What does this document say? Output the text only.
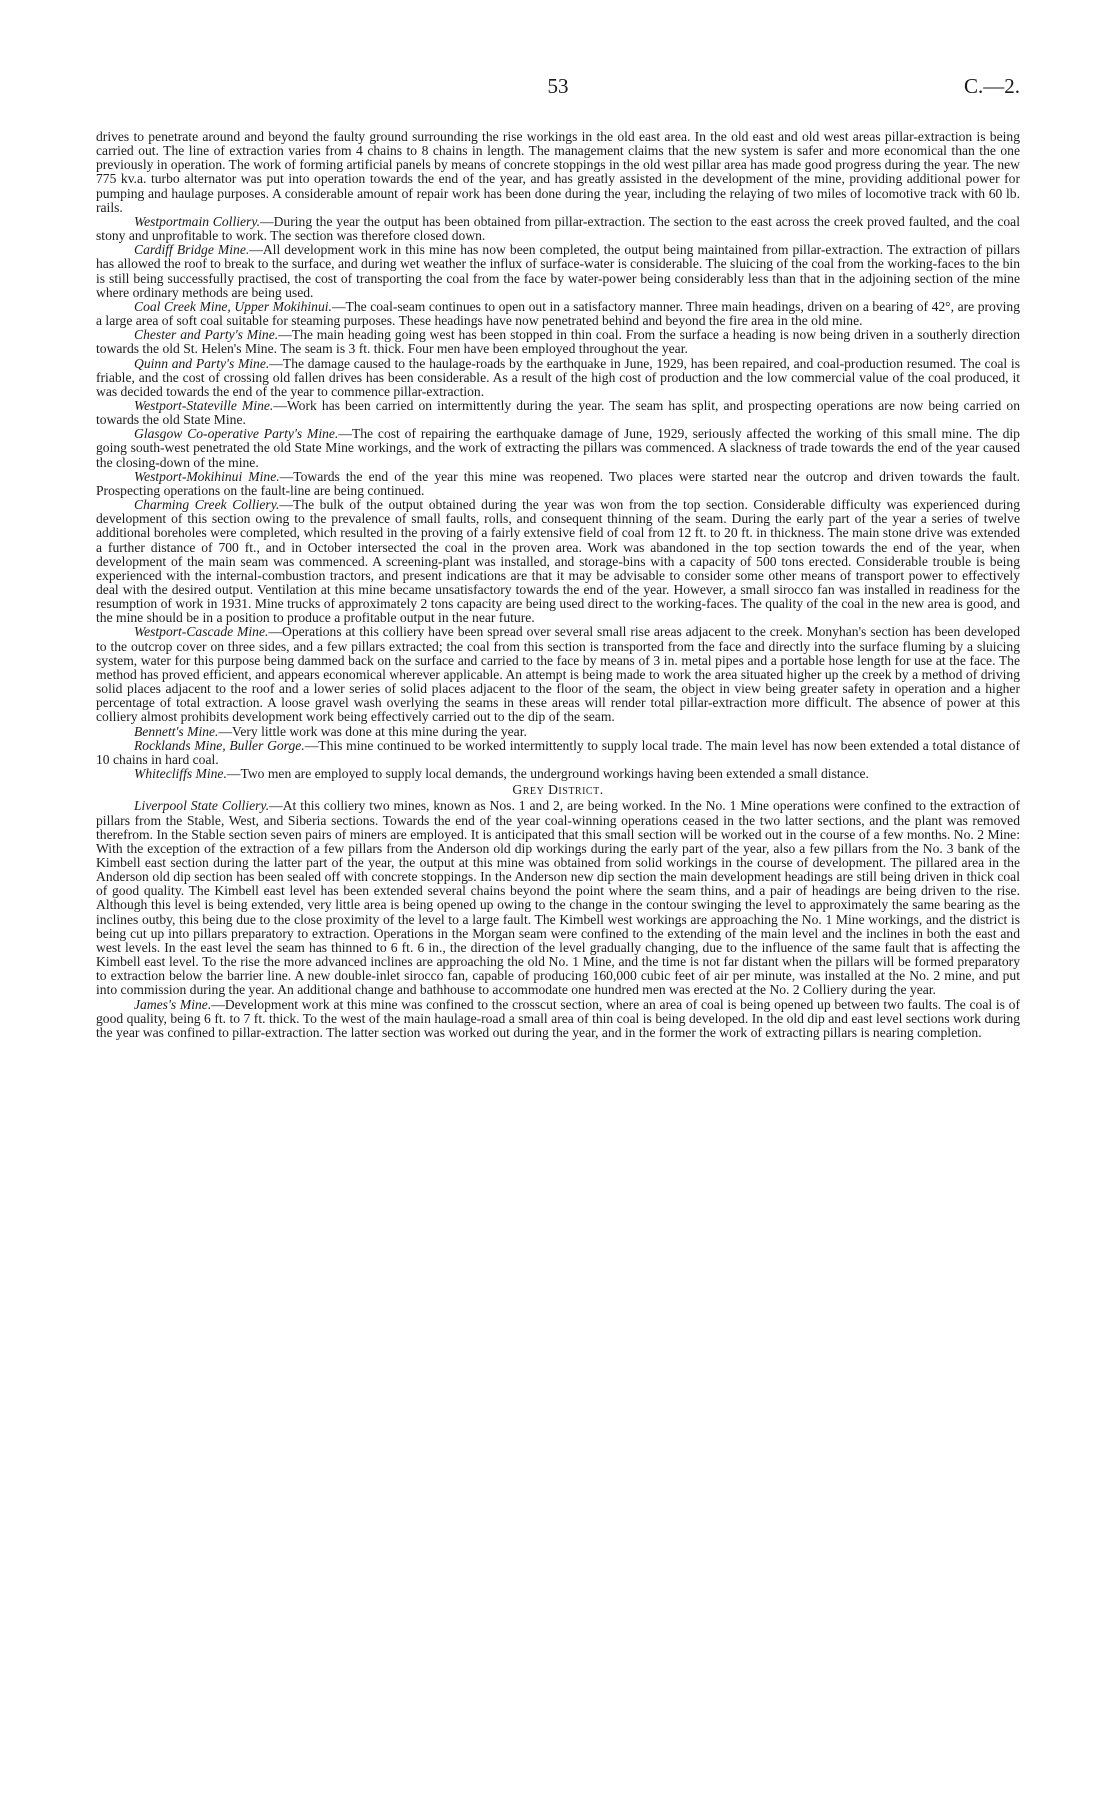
53	C.—2.

drives to penetrate around and beyond the faulty ground surrounding the rise workings in the old east area. In the old east and old west areas pillar-extraction is being carried out. The line of extraction varies from 4 chains to 8 chains in length. The management claims that the new system is safer and more economical than the one previously in operation. The work of forming artificial panels by means of concrete stoppings in the old west pillar area has made good progress during the year. The new 775 kv.a. turbo alternator was put into operation towards the end of the year, and has greatly assisted in the development of the mine, providing additional power for pumping and haulage purposes. A considerable amount of repair work has been done during the year, including the relaying of two miles of locomotive track with 60 lb. rails.

Westportmain Colliery.—During the year the output has been obtained from pillar-extraction. The section to the east across the creek proved faulted, and the coal stony and unprofitable to work. The section was therefore closed down.

Cardiff Bridge Mine.—All development work in this mine has now been completed, the output being maintained from pillar-extraction. The extraction of pillars has allowed the roof to break to the surface, and during wet weather the influx of surface-water is considerable. The sluicing of the coal from the working-faces to the bin is still being successfully practised, the cost of transporting the coal from the face by water-power being considerably less than that in the adjoining section of the mine where ordinary methods are being used.

Coal Creek Mine, Upper Mokihinui.—The coal-seam continues to open out in a satisfactory manner. Three main headings, driven on a bearing of 42°, are proving a large area of soft coal suitable for steaming purposes. These headings have now penetrated behind and beyond the fire area in the old mine.

Chester and Party's Mine.—The main heading going west has been stopped in thin coal. From the surface a heading is now being driven in a southerly direction towards the old St. Helen's Mine. The seam is 3 ft. thick. Four men have been employed throughout the year.

Quinn and Party's Mine.—The damage caused to the haulage-roads by the earthquake in June, 1929, has been repaired, and coal-production resumed. The coal is friable, and the cost of crossing old fallen drives has been considerable. As a result of the high cost of production and the low commercial value of the coal produced, it was decided towards the end of the year to commence pillar-extraction.

Westport-Stateville Mine.—Work has been carried on intermittently during the year. The seam has split, and prospecting operations are now being carried on towards the old State Mine.

Glasgow Co-operative Party's Mine.—The cost of repairing the earthquake damage of June, 1929, seriously affected the working of this small mine. The dip going south-west penetrated the old State Mine workings, and the work of extracting the pillars was commenced. A slackness of trade towards the end of the year caused the closing-down of the mine.

Westport-Mokihinui Mine.—Towards the end of the year this mine was reopened. Two places were started near the outcrop and driven towards the fault. Prospecting operations on the fault-line are being continued.

Charming Creek Colliery.—The bulk of the output obtained during the year was won from the top section. Considerable difficulty was experienced during development of this section owing to the prevalence of small faults, rolls, and consequent thinning of the seam. During the early part of the year a series of twelve additional boreholes were completed, which resulted in the proving of a fairly extensive field of coal from 12 ft. to 20 ft. in thickness. The main stone drive was extended a further distance of 700 ft., and in October intersected the coal in the proven area. Work was abandoned in the top section towards the end of the year, when development of the main seam was commenced. A screening-plant was installed, and storage-bins with a capacity of 500 tons erected. Considerable trouble is being experienced with the internal-combustion tractors, and present indications are that it may be advisable to consider some other means of transport power to effectively deal with the desired output. Ventilation at this mine became unsatisfactory towards the end of the year. However, a small sirocco fan was installed in readiness for the resumption of work in 1931. Mine trucks of approximately 2 tons capacity are being used direct to the working-faces. The quality of the coal in the new area is good, and the mine should be in a position to produce a profitable output in the near future.

Westport-Cascade Mine.—Operations at this colliery have been spread over several small rise areas adjacent to the creek. Monyhan's section has been developed to the outcrop cover on three sides, and a few pillars extracted; the coal from this section is transported from the face and directly into the surface fluming by a sluicing system, water for this purpose being dammed back on the surface and carried to the face by means of 3 in. metal pipes and a portable hose length for use at the face. The method has proved efficient, and appears economical wherever applicable. An attempt is being made to work the area situated higher up the creek by a method of driving solid places adjacent to the roof and a lower series of solid places adjacent to the floor of the seam, the object in view being greater safety in operation and a higher percentage of total extraction. A loose gravel wash overlying the seams in these areas will render total pillar-extraction more difficult. The absence of power at this colliery almost prohibits development work being effectively carried out to the dip of the seam.

Bennett's Mine.—Very little work was done at this mine during the year.

Rocklands Mine, Buller Gorge.—This mine continued to be worked intermittently to supply local trade. The main level has now been extended a total distance of 10 chains in hard coal.

Whitecliffs Mine.—Two men are employed to supply local demands, the underground workings having been extended a small distance.

Grey District.

Liverpool State Colliery.—At this colliery two mines, known as Nos. 1 and 2, are being worked. In the No. 1 Mine operations were confined to the extraction of pillars from the Stable, West, and Siberia sections. Towards the end of the year coal-winning operations ceased in the two latter sections, and the plant was removed therefrom. In the Stable section seven pairs of miners are employed. It is anticipated that this small section will be worked out in the course of a few months. No. 2 Mine: With the exception of the extraction of a few pillars from the Anderson old dip workings during the early part of the year, also a few pillars from the No. 3 bank of the Kimbell east section during the latter part of the year, the output at this mine was obtained from solid workings in the course of development. The pillared area in the Anderson old dip section has been sealed off with concrete stoppings. In the Anderson new dip section the main development headings are still being driven in thick coal of good quality. The Kimbell east level has been extended several chains beyond the point where the seam thins, and a pair of headings are being driven to the rise. Although this level is being extended, very little area is being opened up owing to the change in the contour swinging the level to approximately the same bearing as the inclines outby, this being due to the close proximity of the level to a large fault. The Kimbell west workings are approaching the No. 1 Mine workings, and the district is being cut up into pillars preparatory to extraction. Operations in the Morgan seam were confined to the extending of the main level and the inclines in both the east and west levels. In the east level the seam has thinned to 6 ft. 6 in., the direction of the level gradually changing, due to the influence of the same fault that is affecting the Kimbell east level. To the rise the more advanced inclines are approaching the old No. 1 Mine, and the time is not far distant when the pillars will be formed preparatory to extraction below the barrier line. A new double-inlet sirocco fan, capable of producing 160,000 cubic feet of air per minute, was installed at the No. 2 mine, and put into commission during the year. An additional change and bathhouse to accommodate one hundred men was erected at the No. 2 Colliery during the year.

James's Mine.—Development work at this mine was confined to the crosscut section, where an area of coal is being opened up between two faults. The coal is of good quality, being 6 ft. to 7 ft. thick. To the west of the main haulage-road a small area of thin coal is being developed. In the old dip and east level sections work during the year was confined to pillar-extraction. The latter section was worked out during the year, and in the former the work of extracting pillars is nearing completion.
